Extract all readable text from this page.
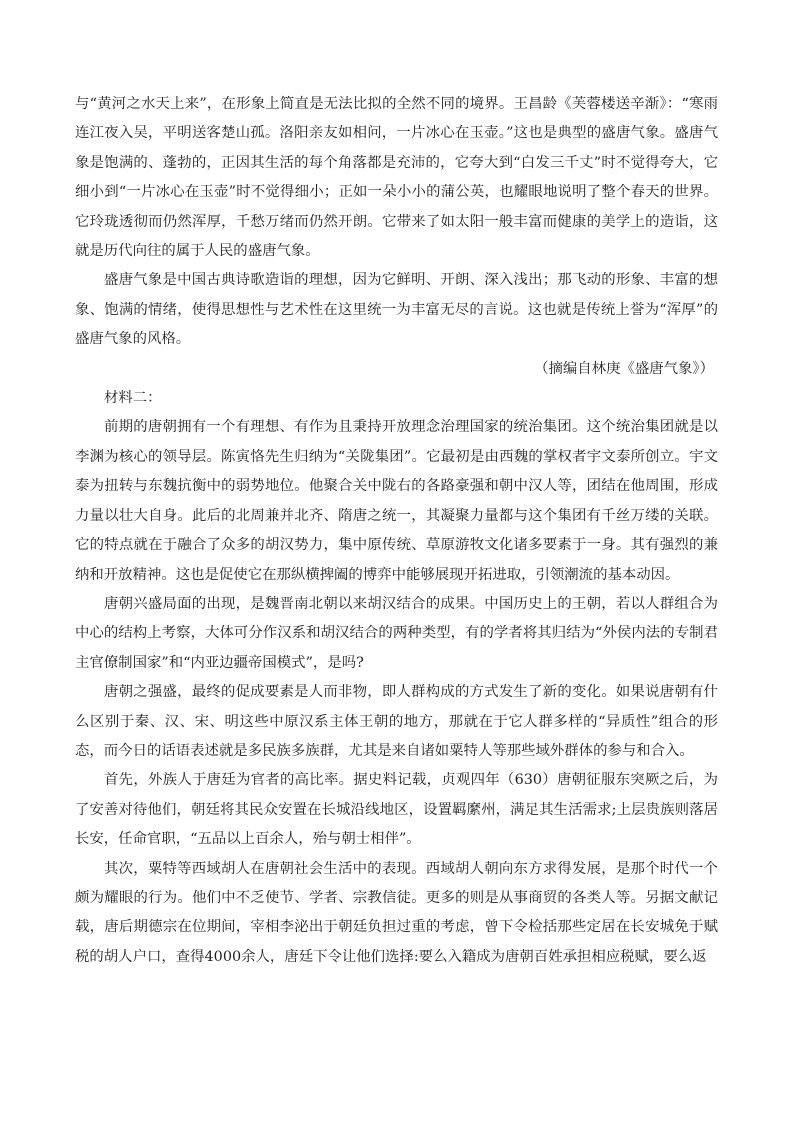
与“黄河之水天上来”，在形象上简直是无法比拟的全然不同的境界。王昌龄《芙蓉楼送辛渐》：“寒雨连江夜入吴，平明送客楚山孤。洛阳亲友如相问，一片冰心在玉壶。”这也是典型的盛唐气象。盛唐气象是饱满的、蓬勃的，正因其生活的每个角落都是充沛的，它夸大到“白发三千丈”时不觉得夸大，它细小到“一片冰心在玉壶”时不觉得细小；正如一朵小小的蒲公英，也耀眼地说明了整个春天的世界。它玲珑透彻而仍然浑厚，千愁万绪而仍然开朗。它带来了如太阳一般丰富而健康的美学上的造诣，这就是历代向往的属于人民的盛唐气象。

盛唐气象是中国古典诗歌造诣的理想，因为它鲜明、开朗、深入浅出；那飞动的形象、丰富的想象、饱满的情绪，使得思想性与艺术性在这里统一为丰富无尽的言说。这也就是传统上誉为“浑厚”的盛唐气象的风格。

（摘编自林庚《盛唐气象》）

材料二：

前期的唐朝拥有一个有理想、有作为且秉持开放理念治理国家的统治集团。这个统治集团就是以李渊为核心的领导层。陈寅恪先生归纳为“关陇集团”。它最初是由西魏的掌权者宇文泰所创立。宇文泰为扭转与东魏抗衡中的弱势地位。他聚合关中陇右的各路豪强和朝中汉人等，团结在他周围，形成力量以壮大自身。此后的北周兼并北齐、隋唐之统一，其凝聚力量都与这个集团有千丝万缕的关联。它的特点就在于融合了众多的胡汉势力，集中原传统、草原游牧文化诸多要素于一身。其有强烈的兼纳和开放精神。这也是促使它在那纵横捭阖的博弈中能够展现开拓进取，引领潮流的基本动因。

唐朝兴盛局面的出现，是魏晋南北朝以来胡汉结合的成果。中国历史上的王朝，若以人群组合为中心的结构上考察，大体可分作汉系和胡汉结合的两种类型，有的学者将其归结为“外侯内法的专制君主官僚制国家”和“内亚边疆帝国模式”，是吗?

唐朝之强盛，最终的促成要素是人而非物，即人群构成的方式发生了新的变化。如果说唐朝有什么区别于秦、汉、宋、明这些中原汉系主体王朝的地方，那就在于它人群多样的“异质性”组合的形态，而今日的话语表述就是多民族多族群，尤其是来自诸如粟特人等那些域外群体的参与和合入。

首先，外族人于唐廷为官者的高比率。据史料记载，贞观四年（630）唐朝征服东突厥之后，为了安善对待他们，朝廷将其民众安置在长城沿线地区，设置羁縻州，满足其生活需求;上层贵族则落居长安，任命官职，“五品以上百余人，殆与朝士相伴”。

其次，粟特等西域胡人在唐朝社会生活中的表现。西域胡人朝向东方求得发展，是那个时代一个颇为耀眼的行为。他们中不乏使节、学者、宗教信徒。更多的则是从事商贸的各类人等。另据文献记载，唐后期德宗在位期间，宰相李泌出于朝廷负担过重的考虑，曾下令检括那些定居在长安城免于赋税的胡人户口，查得4000余人，唐廷下令让他们选择:要么入籍成为唐朝百姓承担相应税赋，要么返
